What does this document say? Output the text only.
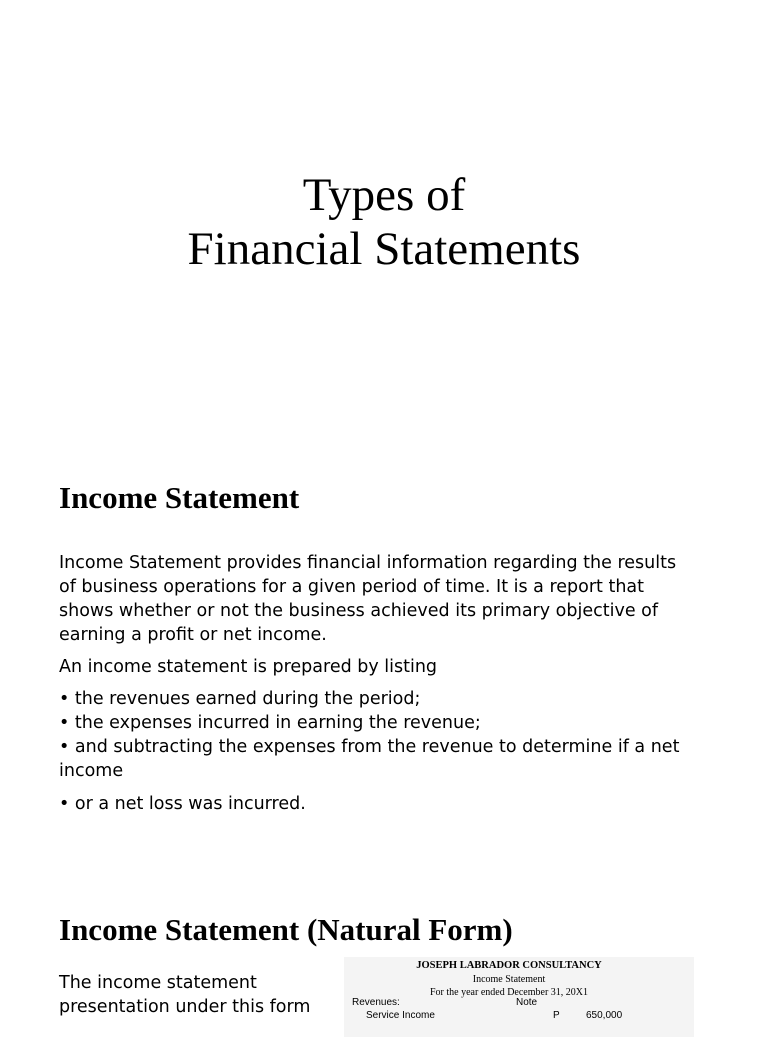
Types of
Financial Statements
Income Statement
Income Statement provides financial information regarding the results
of business operations for a given period of time. It is a report that
shows whether or not the business achieved its primary objective of
earning a profit or net income.
An income statement is prepared by listing
• the revenues earned during the period;
• the expenses incurred in earning the revenue;
• and subtracting the expenses from the revenue to determine if a net
income
• or a net loss was incurred.
Income Statement (Natural Form)
The income statement
presentation under this form
JOSEPH LABRADOR CONSULTANCY
Income Statement
For the year ended December 31, 20X1
Revenues:	Note
Service Income	P	650,000
